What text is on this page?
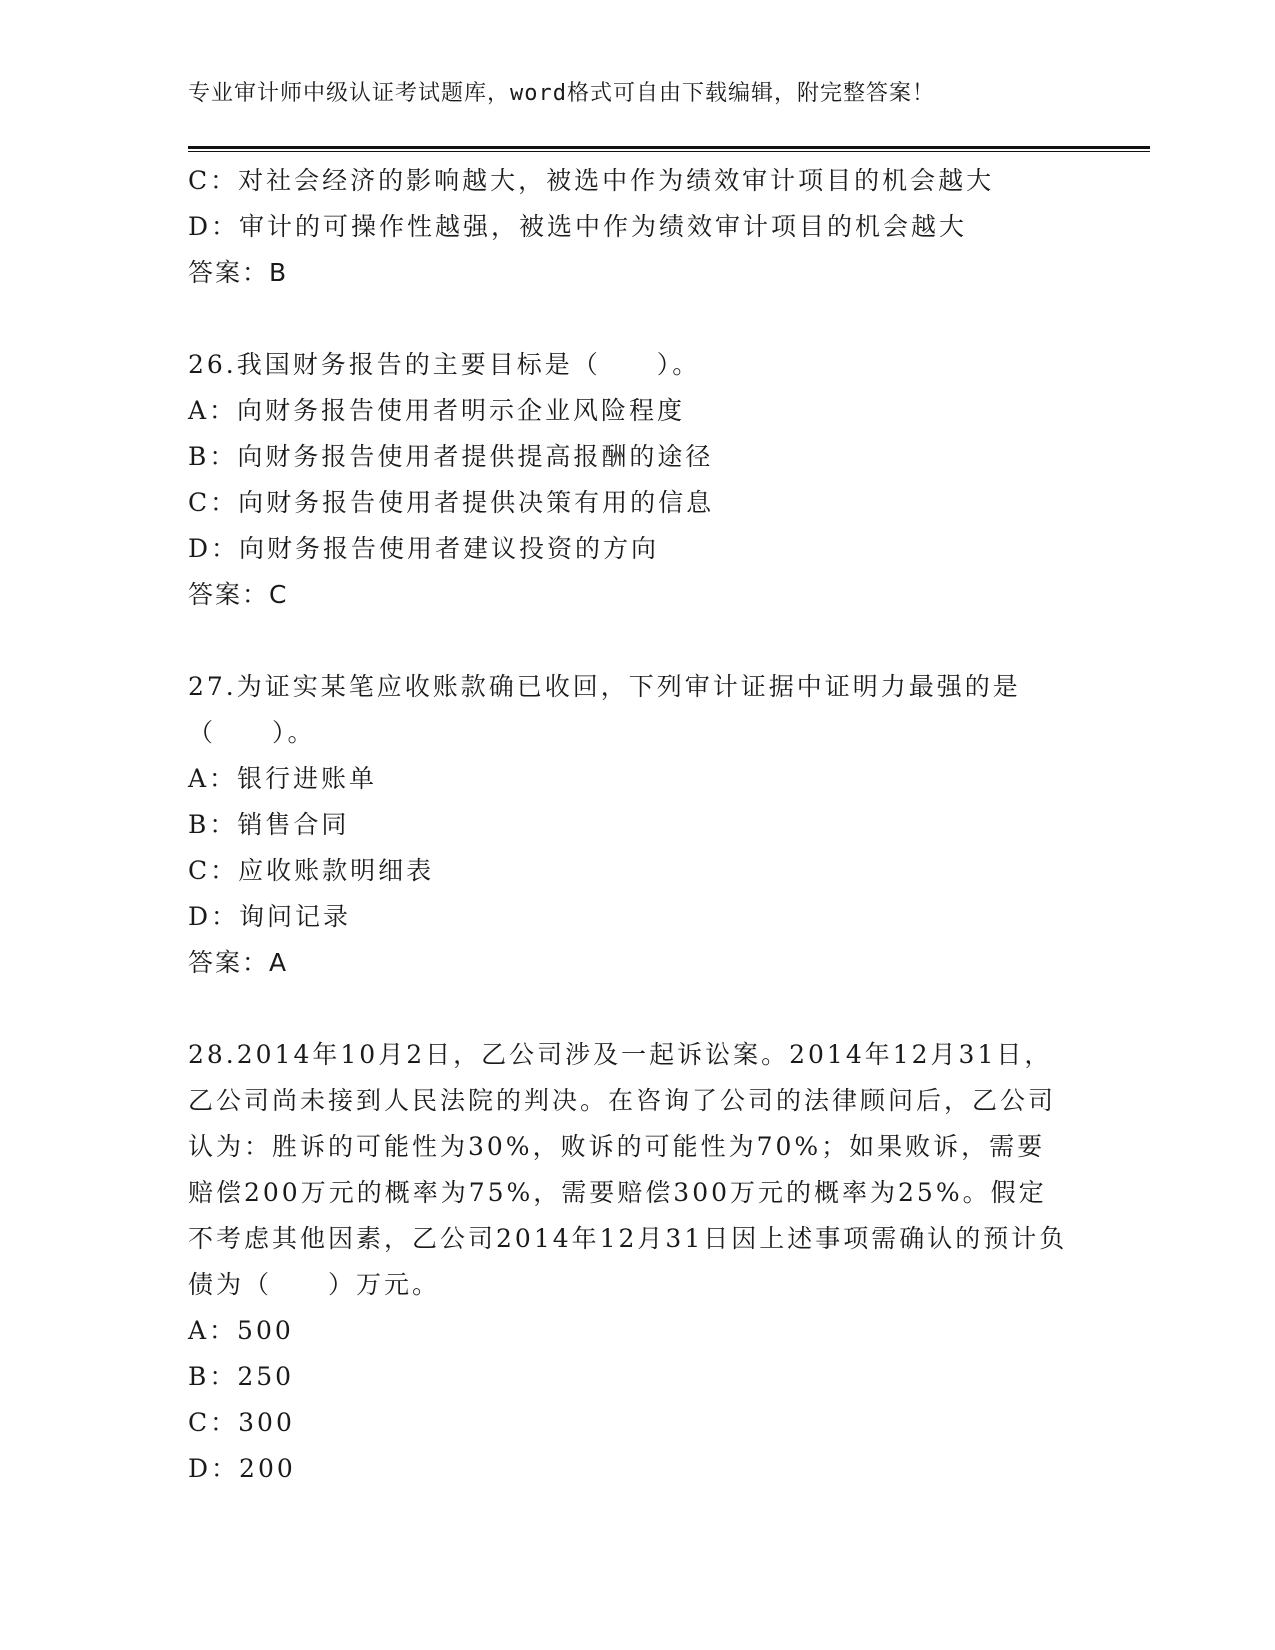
专业审计师中级认证考试题库，word格式可自由下载编辑，附完整答案！
C：对社会经济的影响越大，被选中作为绩效审计项目的机会越大
D：审计的可操作性越强，被选中作为绩效审计项目的机会越大
答案：B
26.我国财务报告的主要目标是（　　）。
A：向财务报告使用者明示企业风险程度
B：向财务报告使用者提供提高报酬的途径
C：向财务报告使用者提供决策有用的信息
D：向财务报告使用者建议投资的方向
答案：C
27.为证实某笔应收账款确已收回，下列审计证据中证明力最强的是（　　）。
A：银行进账单
B：销售合同
C：应收账款明细表
D：询问记录
答案：A
28.2014年10月2日，乙公司涉及一起诉讼案。2014年12月31日，乙公司尚未接到人民法院的判决。在咨询了公司的法律顾问后，乙公司认为：胜诉的可能性为30%，败诉的可能性为70%；如果败诉，需要赔偿200万元的概率为75%，需要赔偿300万元的概率为25%。假定不考虑其他因素，乙公司2014年12月31日因上述事项需确认的预计负债为（　　）万元。
A：500
B：250
C：300
D：200
